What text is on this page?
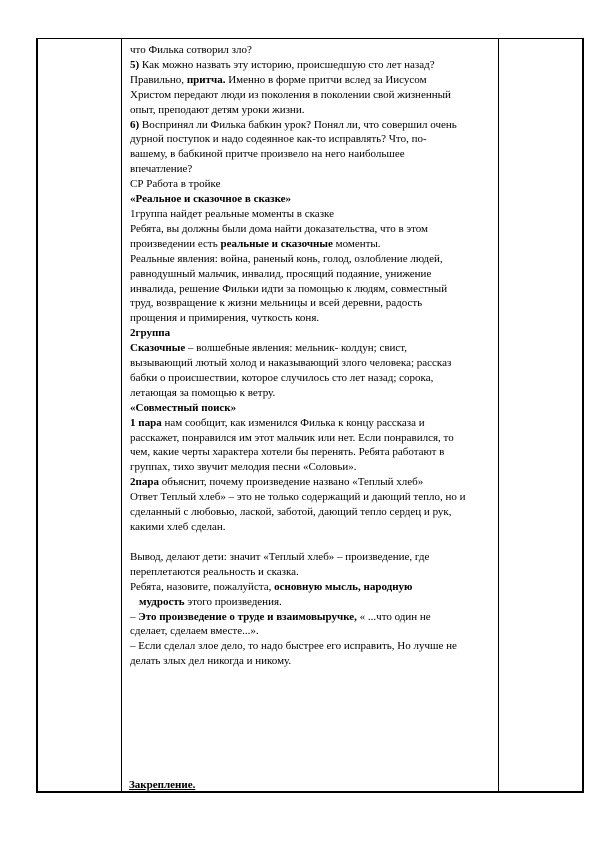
что Филька сотворил зло?

5) Как можно назвать эту историю, происшедшую сто лет назад?

Правильно, притча. Именно в форме притчи вслед за Иисусом

Христом передают люди из поколения в поколении свой жизненный

опыт, преподают детям уроки жизни.

6) Воспринял ли Филька бабкин урок? Понял ли, что совершил очень

дурной поступок и надо содеянное как-то исправлять? Что, по-

вашему, в бабкиной притче произвело на него наибольшее

впечатление?

СР Работа в тройке

«Реальное и сказочное в сказке»

1группа найдет реальные моменты в сказке

Ребята, вы должны были дома найти доказательства, что в этом

произведении есть реальные и сказочные моменты.

Реальные явления: война, раненый конь, голод, озлобление людей,

равнодушный мальчик, инвалид, просящий подаяние, унижение

инвалида, решение Фильки идти за помощью к людям, совместный

труд, возвращение к жизни мельницы и всей деревни, радость

прощения и примирения, чуткость коня.

2группа

Сказочные – волшебные явления: мельник- колдун; свист,

вызывающий лютый холод и наказывающий злого человека; рассказ

бабки о происшествии, которое случилось сто лет назад; сорока,

летающая за помощью к ветру.

«Совместный поиск»

1 пара нам сообщит, как изменился Филька к концу рассказа и

расскажет, понравился им этот мальчик или нет. Если понравился, то

чем, какие черты характера хотели бы перенять. Ребята работают в

группах, тихо звучит мелодия песни «Соловьи».

2пара объяснит, почему произведение названо «Теплый хлеб»

Ответ Теплый хлеб» – это не только содержащий и дающий тепло, но и

сделанный с любовью, лаской, заботой, дающий тепло сердец и рук,

какими хлеб сделан.

Вывод, делают дети: значит «Теплый хлеб» – произведение, где

переплетаются реальность и сказка.

Ребята, назовите, пожалуйста, основную мысль, народную

мудрость этого произведения.

– Это произведение о труде и взаимовыручке, « ...что один не

сделает, сделаем вместе...».

– Если сделал злое дело, то надо быстрее его исправить, Но лучше не

делать злых дел никогда и никому.

Закрепление.
